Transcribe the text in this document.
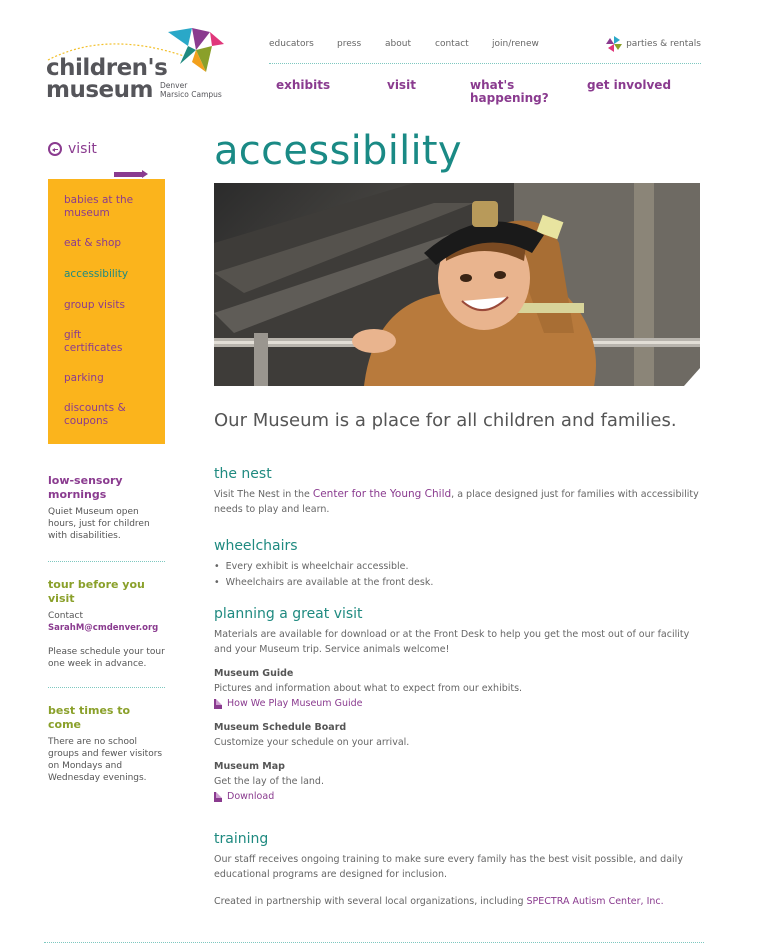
children's
museum Denver
Marsico Campus
educators	press	about	contact	join/renew	parties & rentals
exhibits	visit	what's happening?
get involved
visit
babies at the museum
eat & shop
accessibility
group visits
gift certificates
parking
discounts & coupons
low-sensory mornings
Quiet Museum open hours, just for children with disabilities.
tour before you visit
Contact
SarahM@cmdenver.org
Please schedule your tour one week in advance.
best times to come
There are no school groups and fewer visitors on Mondays and Wednesday evenings.
accessibility
Our Museum is a place for all children and families.
the nest
Visit The Nest in the Center for the Young Child, a place designed just for families with accessibility needs to play and learn.
wheelchairs
• Every exhibit is wheelchair accessible.
• Wheelchairs are available at the front desk.
planning a great visit
Materials are available for download or at the Front Desk to help you get the most out of our facility and your Museum trip. Service animals welcome!
Museum Guide
Pictures and information about what to expect from our exhibits.
How We Play Museum Guide
Museum Schedule Board
Customize your schedule on your arrival.
Museum Map
Get the lay of the land.
Download
training
Our staff receives ongoing training to make sure every family has the best visit possible, and daily educational programs are designed for inclusion.
Created in partnership with several local organizations, including SPECTRA Autism Center, Inc.
